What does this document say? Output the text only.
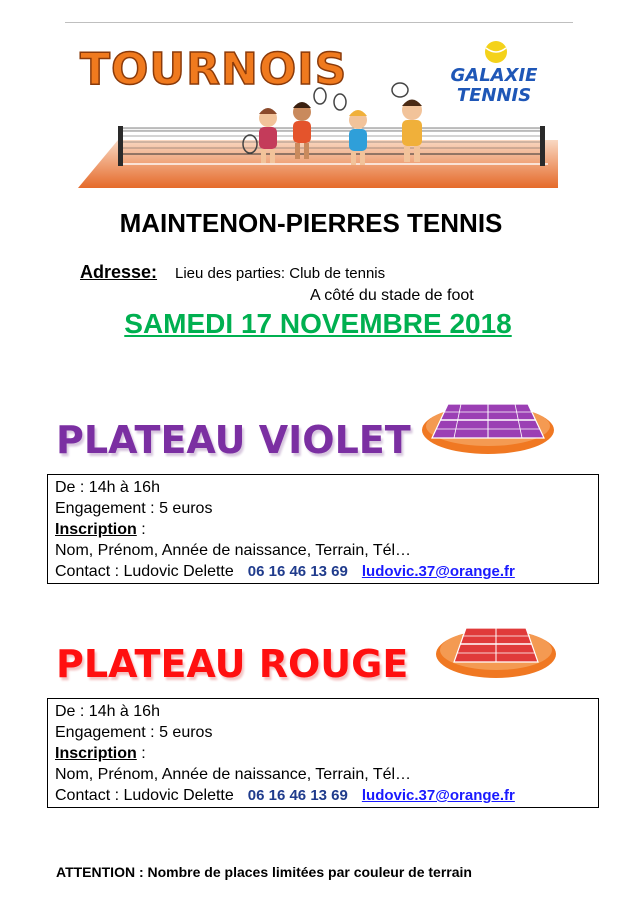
TOURNOIS	GALAXIE
TENNIS
MAINTENON-PIERRES TENNIS
Adresse: Lieu des parties: Club de tennis
A côté du stade de foot
SAMEDI 17 NOVEMBRE 2018
PLATEAU VIOLET
De : 14h à 16h
Engagement : 5 euros
Inscription :
Nom, Prénom, Année de naissance, Terrain, Tél…
Contact : Ludovic Delette 06 16 46 13 69 ludovic.37@orange.fr
PLATEAU ROUGE
De : 14h à 16h
Engagement : 5 euros
Inscription :
Nom, Prénom, Année de naissance, Terrain, Tél…
Contact : Ludovic Delette 06 16 46 13 69 ludovic.37@orange.fr
ATTENTION : Nombre de places limitées par couleur de terrain
